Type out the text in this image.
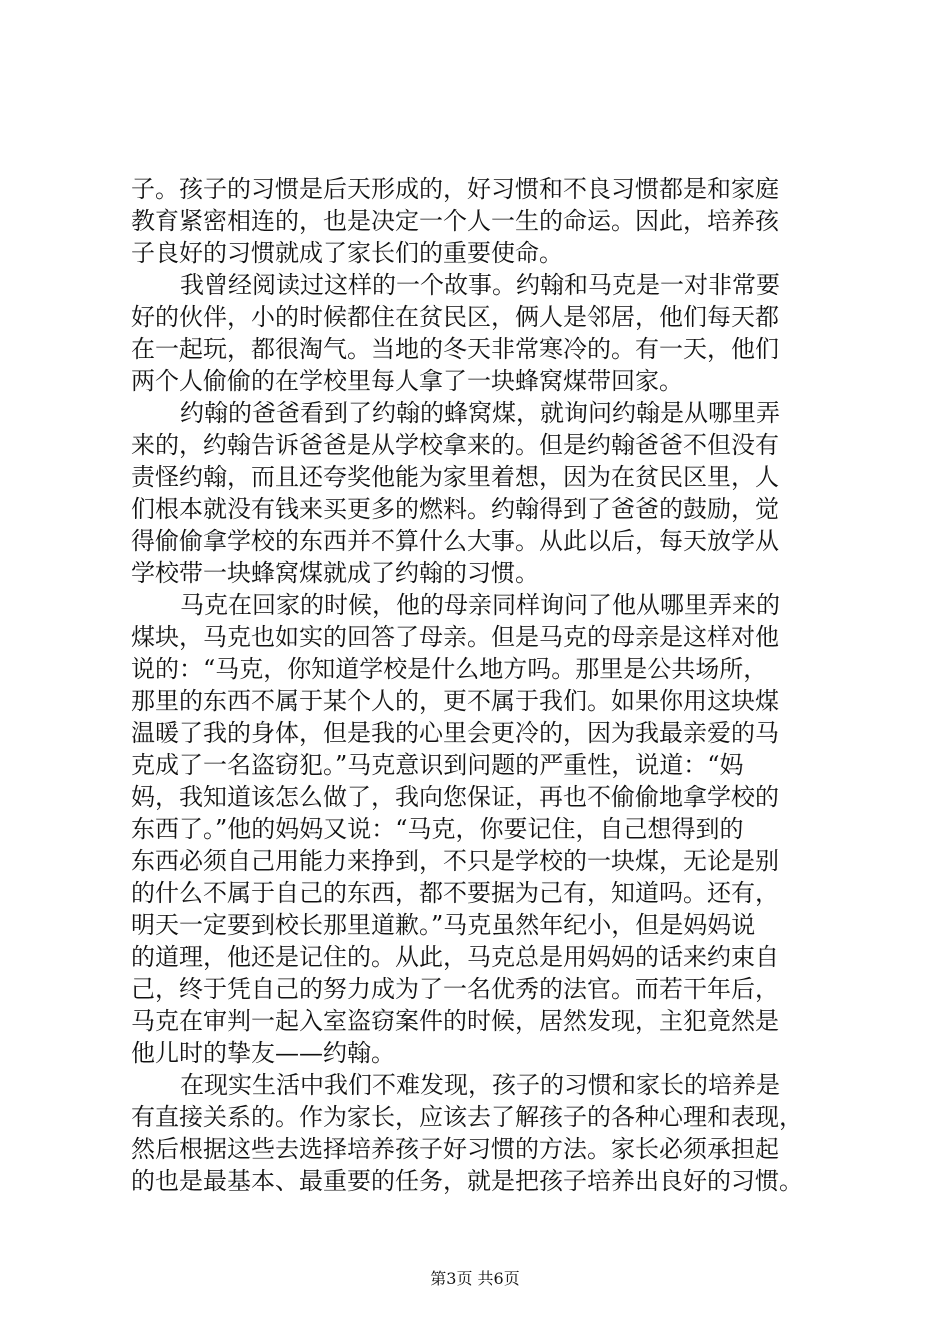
子。孩子的习惯是后天形成的，好习惯和不良习惯都是和家庭
教育紧密相连的，也是决定一个人一生的命运。因此，培养孩
子良好的习惯就成了家长们的重要使命。
我曾经阅读过这样的一个故事。约翰和马克是一对非常要
好的伙伴，小的时候都住在贫民区，俩人是邻居，他们每天都
在一起玩，都很淘气。当地的冬天非常寒冷的。有一天，他们
两个人偷偷的在学校里每人拿了一块蜂窝煤带回家。
约翰的爸爸看到了约翰的蜂窝煤，就询问约翰是从哪里弄
来的，约翰告诉爸爸是从学校拿来的。但是约翰爸爸不但没有
责怪约翰，而且还夸奖他能为家里着想，因为在贫民区里，人
们根本就没有钱来买更多的燃料。约翰得到了爸爸的鼓励，觉
得偷偷拿学校的东西并不算什么大事。从此以后，每天放学从
学校带一块蜂窝煤就成了约翰的习惯。
马克在回家的时候，他的母亲同样询问了他从哪里弄来的
煤块，马克也如实的回答了母亲。但是马克的母亲是这样对他
说的：“马克，你知道学校是什么地方吗。那里是公共场所，
那里的东西不属于某个人的，更不属于我们。如果你用这块煤
温暖了我的身体，但是我的心里会更冷的，因为我最亲爱的马
克成了一名盗窃犯。”马克意识到问题的严重性，说道：“妈
妈，我知道该怎么做了，我向您保证，再也不偷偷地拿学校的
东西了。”他的妈妈又说：“马克，你要记住，自己想得到的
东西必须自己用能力来挣到，不只是学校的一块煤，无论是别
的什么不属于自己的东西，都不要据为己有，知道吗。还有，
明天一定要到校长那里道歉。”马克虽然年纪小，但是妈妈说
的道理，他还是记住的。从此，马克总是用妈妈的话来约束自
己，终于凭自己的努力成为了一名优秀的法官。而若干年后，
马克在审判一起入室盗窃案件的时候，居然发现，主犯竟然是
他儿时的挚友——约翰。
在现实生活中我们不难发现，孩子的习惯和家长的培养是
有直接关系的。作为家长，应该去了解孩子的各种心理和表现，
然后根据这些去选择培养孩子好习惯的方法。家长必须承担起
的也是最基本、最重要的任务，就是把孩子培养出良好的习惯。
第3页 共6页
